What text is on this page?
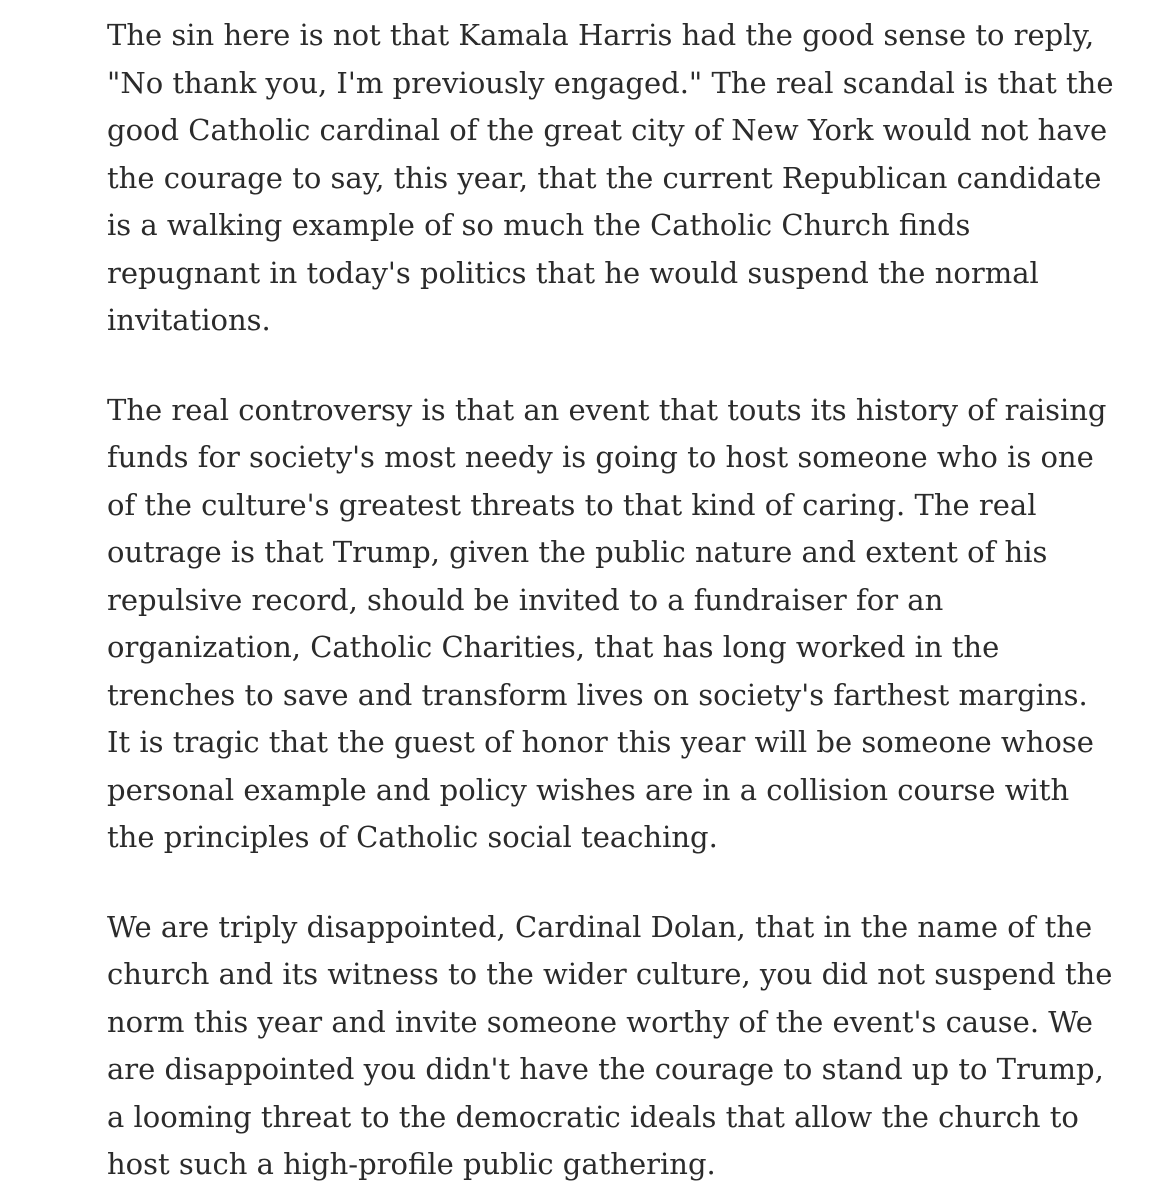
The sin here is not that Kamala Harris had the good sense to reply,
"No thank you, I'm previously engaged." The real scandal is that the
good Catholic cardinal of the great city of New York would not have
the courage to say, this year, that the current Republican candidate
is a walking example of so much the Catholic Church finds
repugnant in today's politics that he would suspend the normal
invitations.

The real controversy is that an event that touts its history of raising
funds for society's most needy is going to host someone who is one
of the culture's greatest threats to that kind of caring. The real
outrage is that Trump, given the public nature and extent of his
repulsive record, should be invited to a fundraiser for an
organization, Catholic Charities, that has long worked in the
trenches to save and transform lives on society's farthest margins.
It is tragic that the guest of honor this year will be someone whose
personal example and policy wishes are in a collision course with
the principles of Catholic social teaching.

We are triply disappointed, Cardinal Dolan, that in the name of the
church and its witness to the wider culture, you did not suspend the
norm this year and invite someone worthy of the event's cause. We
are disappointed you didn't have the courage to stand up to Trump,
a looming threat to the democratic ideals that allow the church to
host such a high-profile public gathering.
